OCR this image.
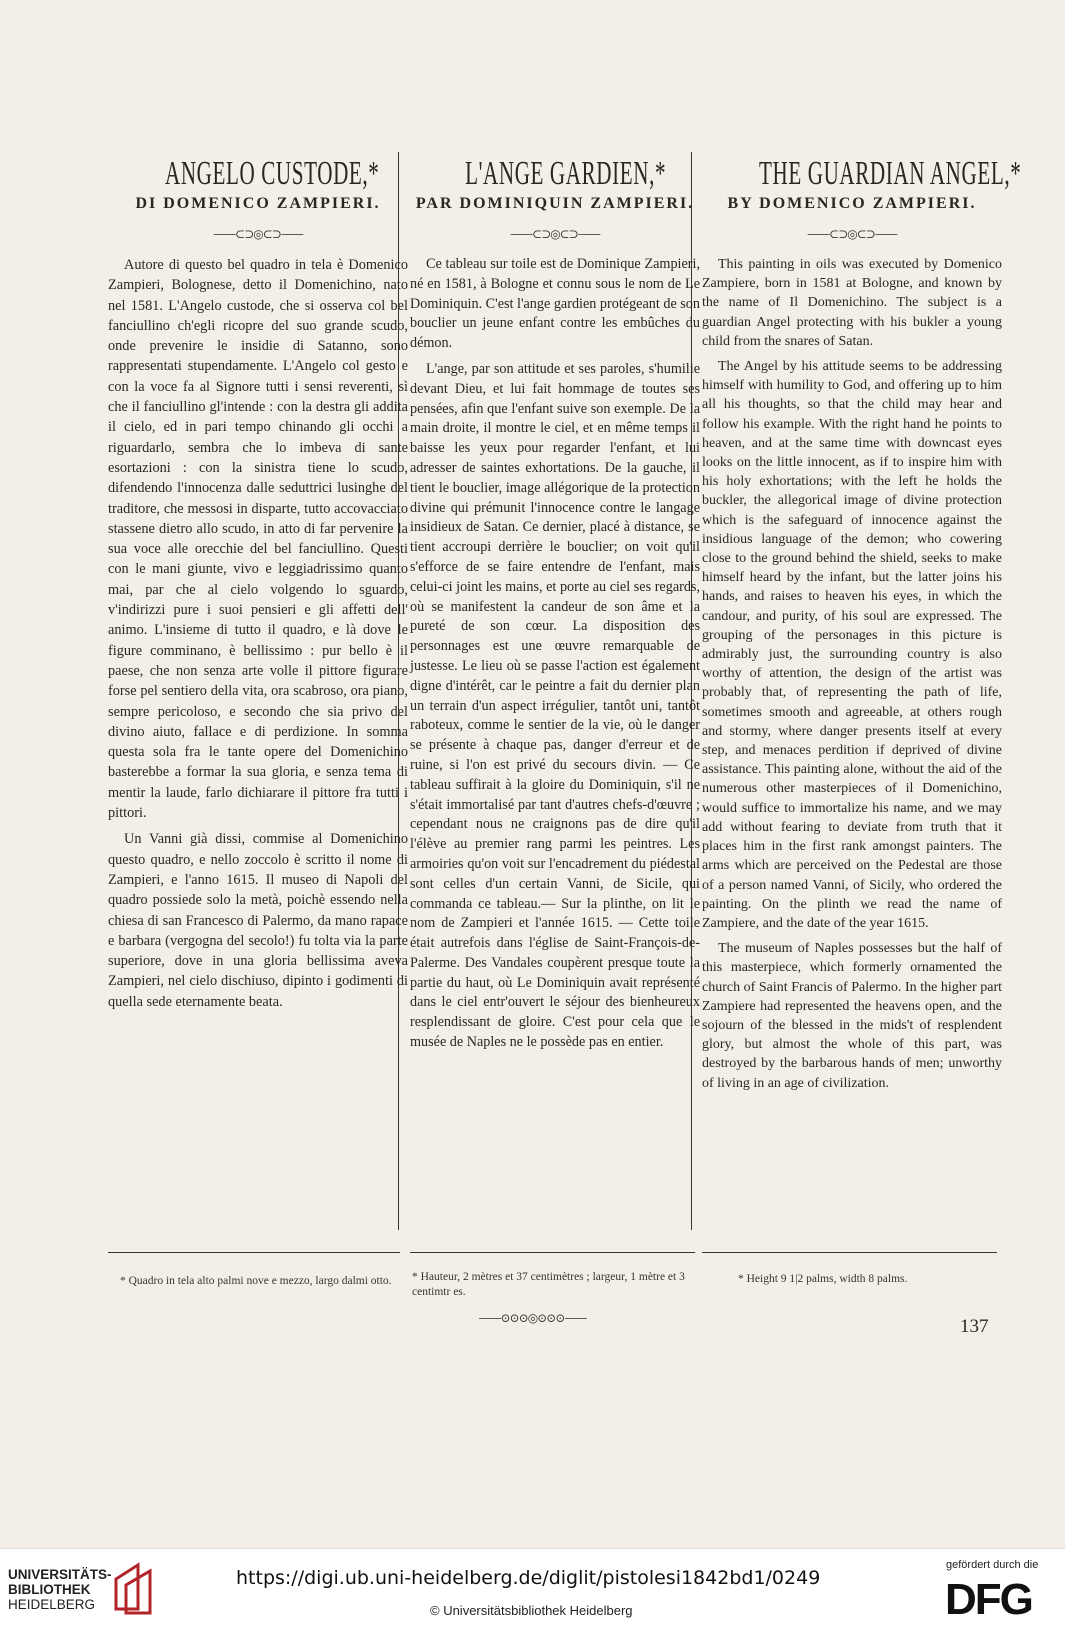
ANGELO CUSTODE,*
DI DOMENICO ZAMPIERI.
——⊂⊃◎⊂⊃——

Autore di questo bel quadro in tela è Domenico Zampieri, Bolognese, detto il Domenichino, nato nel 1581. L'Angelo custode, che si osserva col bel fanciullino ch'egli ricopre del suo grande scudo, onde prevenire le insidie di Satanno, sono rappresentati stupendamente. L'Angelo col gesto e con la voce fa al Signore tutti i sensi reverenti, sì che il fanciullino gl'intende : con la destra gli addita il cielo, ed in pari tempo chinando gli occhi a riguardarlo, sembra che lo imbeva di sante esortazioni : con la sinistra tiene lo scudo, difendendo l'innocenza dalle seduttrici lusinghe del traditore, che messosi in disparte, tutto accovacciato stassene dietro allo scudo, in atto di far pervenire la sua voce alle orecchie del bel fanciullino. Questi con le mani giunte, vivo e leggiadrissimo quanto mai, par che al cielo volgendo lo sguardo, v'indirizzi pure i suoi pensieri e gli affetti dell' animo. L'insieme di tutto il quadro, e là dove le figure comminano, è bellissimo : pur bello è il paese, che non senza arte volle il pittore figurare forse pel sentiero della vita, ora scabroso, ora piano, sempre pericoloso, e secondo che sia privo del divino aiuto, fallace e di perdizione. In somma questa sola fra le tante opere del Domenichino basterebbe a formar la sua gloria, e senza tema di mentir la laude, farlo dichiarare il pittore fra tutti i pittori.

Un Vanni già dissi, commise al Domenichino questo quadro, e nello zoccolo è scritto il nome di Zampieri, e l'anno 1615. Il museo di Napoli del quadro possiede solo la metà, poichè essendo nella chiesa di san Francesco di Palermo, da mano rapace e barbara (vergogna del secolo!) fu tolta via la parte superiore, dove in una gloria bellissima aveva Zampieri, nel cielo dischiuso, dipinto i godimenti di quella sede eternamente beata.

L'ANGE GARDIEN,*
PAR DOMINIQUIN ZAMPIERI.
——⊂⊃◎⊂⊃——

Ce tableau sur toile est de Dominique Zampieri, né en 1581, à Bologne et connu sous le nom de Le Dominiquin. C'est l'ange gardien protégeant de son bouclier un jeune enfant contre les embûches du démon.

L'ange, par son attitude et ses paroles, s'humilie devant Dieu, et lui fait hommage de toutes ses pensées, afin que l'enfant suive son exemple. De la main droite, il montre le ciel, et en même temps il baisse les yeux pour regarder l'enfant, et lui adresser de saintes exhortations. De la gauche, il tient le bouclier, image allégorique de la protection divine qui prémunit l'innocence contre le langage insidieux de Satan. Ce dernier, placé à distance, se tient accroupi derrière le bouclier; on voit qu'il s'efforce de se faire entendre de l'enfant, mais celui-ci joint les mains, et porte au ciel ses regards, où se manifestent la candeur de son âme et la pureté de son cœur. La disposition des personnages est une œuvre remarquable de justesse. Le lieu où se passe l'action est également digne d'intérêt, car le peintre a fait du dernier plan un terrain d'un aspect irrégulier, tantôt uni, tantôt raboteux, comme le sentier de la vie, où le danger se présente à chaque pas, danger d'erreur et de ruine, si l'on est privé du secours divin. — Ce tableau suffirait à la gloire du Dominiquin, s'il ne s'était immortalisé par tant d'autres chefs-d'œuvre ; cependant nous ne craignons pas de dire qu'il l'élève au premier rang parmi les peintres. Les armoiries qu'on voit sur l'encadrement du piédestal sont celles d'un certain Vanni, de Sicile, qui commanda ce tableau.— Sur la plinthe, on lit le nom de Zampieri et l'année 1615. — Cette toile était autrefois dans l'église de Saint-François-de-Palerme. Des Vandales coupèrent presque toute la partie du haut, où Le Dominiquin avait représenté dans le ciel entr'ouvert le séjour des bienheureux resplendissant de gloire. C'est pour cela que le musée de Naples ne le possède pas en entier.

THE GUARDIAN ANGEL,*
BY DOMENICO ZAMPIERI.
——⊂⊃◎⊂⊃——

This painting in oils was executed by Domenico Zampiere, born in 1581 at Bologne, and known by the name of Il Domenichino. The subject is a guardian Angel protecting with his bukler a young child from the snares of Satan.

The Angel by his attitude seems to be addressing himself with humility to God, and offering up to him all his thoughts, so that the child may hear and follow his example. With the right hand he points to heaven, and at the same time with downcast eyes looks on the little innocent, as if to inspire him with his holy exhortations; with the left he holds the buckler, the allegorical image of divine protection which is the safeguard of innocence against the insidious language of the demon; who cowering close to the ground behind the shield, seeks to make himself heard by the infant, but the latter joins his hands, and raises to heaven his eyes, in which the candour, and purity, of his soul are expressed. The grouping of the personages in this picture is admirably just, the surrounding country is also worthy of attention, the design of the artist was probably that, of representing the path of life, sometimes smooth and agreeable, at others rough and stormy, where danger presents itself at every step, and menaces perdition if deprived of divine assistance. This painting alone, without the aid of the numerous other masterpieces of il Domenichino, would suffice to immortalize his name, and we may add without fearing to deviate from truth that it places him in the first rank amongst painters. The arms which are perceived on the Pedestal are those of a person named Vanni, of Sicily, who ordered the painting. On the plinth we read the name of Zampiere, and the date of the year 1615.

The museum of Naples possesses but the half of this masterpiece, which formerly ornamented the church of Saint Francis of Palermo. In the higher part Zampiere had represented the heavens open, and the sojourn of the blessed in the mids't of resplendent glory, but almost the whole of this part, was destroyed by the barbarous hands of men; unworthy of living in an age of civilization.

* Quadro in tela alto palmi nove e mezzo, largo dalmi otto.	* Hauteur, 2 mètres et 37 centimètres ; largeur, 1 mètre et 3 centimtr es.
* Height 9 1|2 palms, width 8 palms.
——⊙⊙⊙◎⊙⊙⊙——	137
UNIVERSITÄTS-
BIBLIOTHEK
HEIDELBERG
https://digi.ub.uni-heidelberg.de/diglit/pistolesi1842bd1/0249
© Universitätsbibliothek Heidelberg
gefördert durch die
DFG
